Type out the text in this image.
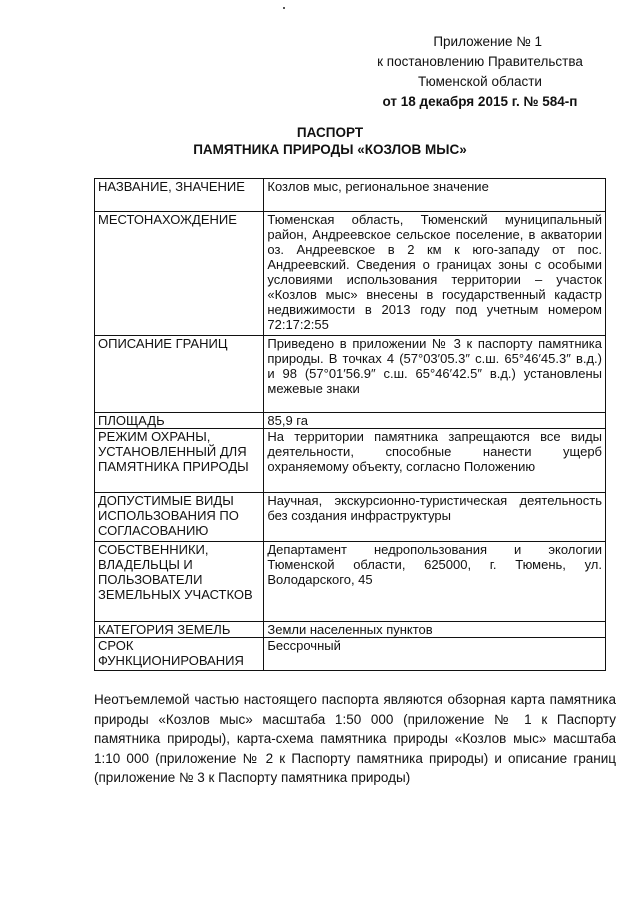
Приложение № 1
к постановлению Правительства
Тюменской области
от 18 декабря 2015 г. № 584-п
ПАСПОРТ
ПАМЯТНИКА ПРИРОДЫ «КОЗЛОВ МЫС»
НАЗВАНИЕ, ЗНАЧЕНИЕ	Козлов мыс, региональное значение
МЕСТОНАХОЖДЕНИЕ	Тюменская область, Тюменский муниципальный район, Андреевское сельское поселение, в акватории оз. Андреевское в 2 км к юго-западу от пос. Андреевский. Сведения о границах зоны с особыми условиями использования территории – участок «Козлов мыс» внесены в государственный кадастр недвижимости в 2013 году под учетным номером 72:17:2:55
ОПИСАНИЕ ГРАНИЦ	Приведено в приложении № 3 к паспорту памятника природы. В точках 4 (57°03′05.3″ с.ш. 65°46′45.3″ в.д.) и 98 (57°01′56.9″ с.ш. 65°46′42.5″ в.д.) установлены межевые знаки
ПЛОЩАДЬ	85,9 га
РЕЖИМ ОХРАНЫ, УСТАНОВЛЕННЫЙ ДЛЯ ПАМЯТНИКА ПРИРОДЫ	На территории памятника запрещаются все виды деятельности, способные нанести ущерб охраняемому объекту, согласно Положению
ДОПУСТИМЫЕ ВИДЫ ИСПОЛЬЗОВАНИЯ ПО СОГЛАСОВАНИЮ	Научная, экскурсионно-туристическая деятельность без создания инфраструктуры
СОБСТВЕННИКИ, ВЛАДЕЛЬЦЫ И ПОЛЬЗОВАТЕЛИ ЗЕМЕЛЬНЫХ УЧАСТКОВ	Департамент недропользования и экологии Тюменской области, 625000, г. Тюмень, ул. Володарского, 45
КАТЕГОРИЯ ЗЕМЕЛЬ	Земли населенных пунктов
СРОК ФУНКЦИОНИРОВАНИЯ	Бессрочный
Неотъемлемой частью настоящего паспорта являются обзорная карта памятника природы «Козлов мыс» масштаба 1:50 000 (приложение № 1 к Паспорту памятника природы), карта-схема памятника природы «Козлов мыс» масштаба 1:10 000 (приложение № 2 к Паспорту памятника природы) и описание границ (приложение № 3 к Паспорту памятника природы)
